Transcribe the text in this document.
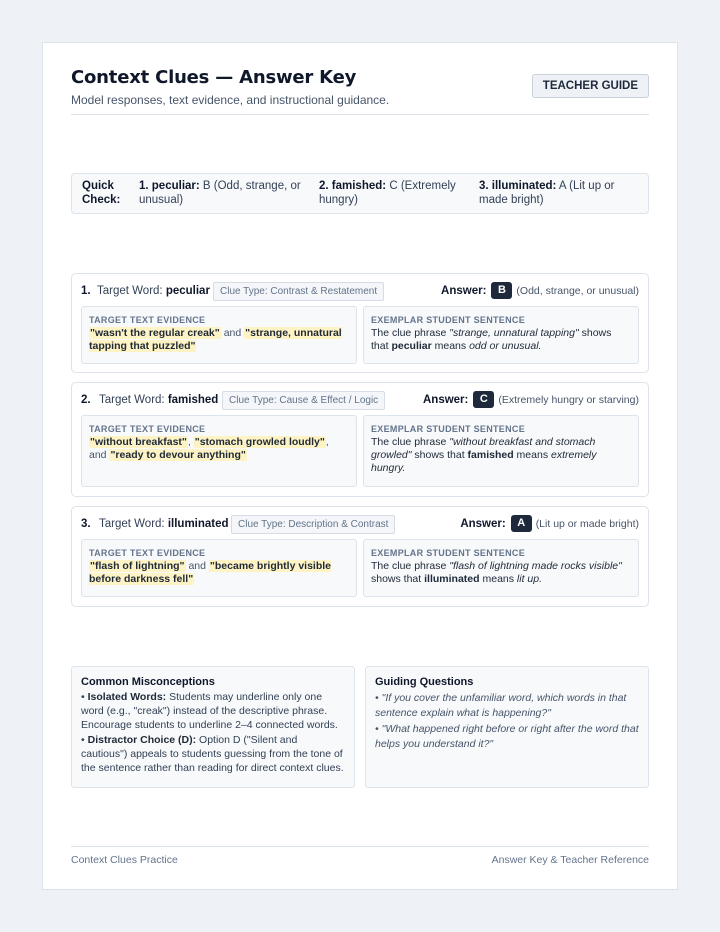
Context Clues — Answer Key
Model responses, text evidence, and instructional guidance.
TEACHER GUIDE
Quick Check:
1. peculiar: B (Odd, strange, or unusual)
2. famished: C (Extremely hungry)
3. illuminated: A (Lit up or made bright)
1. Target Word: peculiar	Clue Type: Contrast & Restatement	Answer: B (Odd, strange, or unusual)
TARGET TEXT EVIDENCE
"wasn't the regular creak" and "strange, unnatural tapping that puzzled"
EXEMPLAR STUDENT SENTENCE
The clue phrase "strange, unnatural tapping" shows that peculiar means odd or unusual.
2. Target Word: famished	Clue Type: Cause & Effect / Logic	Answer: C (Extremely hungry or starving)
TARGET TEXT EVIDENCE
"without breakfast", "stomach growled loudly", and "ready to devour anything"
EXEMPLAR STUDENT SENTENCE
The clue phrase "without breakfast and stomach growled" shows that famished means extremely hungry.
3. Target Word: illuminated Clue Type: Description & Contrast	Answer: A (Lit up or made bright)
TARGET TEXT EVIDENCE
"flash of lightning" and "became brightly visible before darkness fell"
EXEMPLAR STUDENT SENTENCE
The clue phrase "flash of lightning made rocks visible" shows that illuminated means lit up.
Common Misconceptions
• Isolated Words: Students may underline only one word (e.g., "creak") instead of the descriptive phrase. Encourage students to underline 2–4 connected words.
• Distractor Choice (D): Option D ("Silent and cautious") appeals to students guessing from the tone of the sentence rather than reading for direct context clues.
Guiding Questions
• "If you cover the unfamiliar word, which words in that sentence explain what is happening?"
• "What happened right before or right after the word that helps you understand it?"
Context Clues Practice	Answer Key & Teacher Reference
